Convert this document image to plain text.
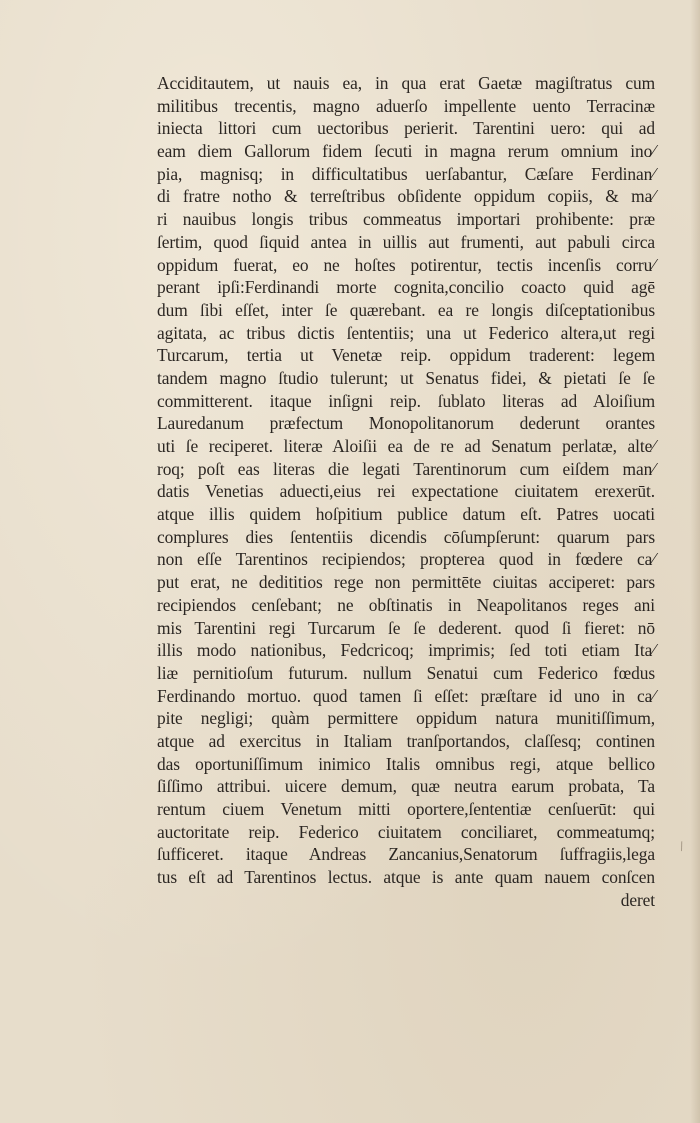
Acciditautem, ut nauis ea, in qua erat Gaetæ magiſtratus cum
militibus trecentis, magno aduerſo impellente uento Terracinæ
iniecta littori cum uectoribus perierit. Tarentini uero: qui ad
eam diem Gallorum fidem ſecuti in magna rerum omnium ino⁄
pia, magnisq; in difficultatibus uerſabantur, Cæſare Ferdinan⁄
di fratre notho & terreſtribus obſidente oppidum copiis, & ma⁄
ri nauibus longis tribus commeatus importari prohibente: præ
ſertim, quod ſiquid antea in uillis aut frumenti, aut pabuli circa
oppidum fuerat, eo ne hoſtes potirentur, tectis incenſis corru⁄
perant ipſi:Ferdinandi morte cognita,concilio coacto quid agē
dum ſibi eſſet, inter ſe quærebant. ea re longis diſceptationibus
agitata, ac tribus dictis ſententiis; una ut Federico altera,ut regi
Turcarum, tertia ut Venetæ reip. oppidum traderent: legem
tandem magno ſtudio tulerunt; ut Senatus fidei, & pietati ſe ſe
committerent. itaque inſigni reip. ſublato literas ad Aloiſium
Lauredanum præfectum Monopolitanorum dederunt orantes
uti ſe reciperet. literæ Aloiſii ea de re ad Senatum perlatæ, alte⁄
roq; poſt eas literas die legati Tarentinorum cum eiſdem man⁄
datis Venetias aduecti,eius rei expectatione ciuitatem erexerūt.
atque illis quidem hoſpitium publice datum eſt. Patres uocati
complures dies ſententiis dicendis cōſumpſerunt: quarum pars
non eſſe Tarentinos recipiendos; propterea quod in fœdere ca⁄
put erat, ne dedititios rege non permittēte ciuitas acciperet: pars
recipiendos cenſebant; ne obſtinatis in Neapolitanos reges ani
mis Tarentini regi Turcarum ſe ſe dederent. quod ſi fieret: nō
illis modo nationibus, Fedcricoq; imprimis; ſed toti etiam Ita⁄
liæ pernitioſum futurum. nullum Senatui cum Federico fœdus
Ferdinando mortuo. quod tamen ſi eſſet: præſtare id uno in ca⁄
pite negligi; quàm permittere oppidum natura munitiſſimum,
atque ad exercitus in Italiam tranſportandos, claſſesq; continen
das oportuniſſimum inimico Italis omnibus regi, atque bellico
ſiſſimo attribui. uicere demum, quæ neutra earum probata, Ta
rentum ciuem Venetum mitti oportere,ſententiæ cenſuerūt: qui
auctoritate reip. Federico ciuitatem conciliaret, commeatumq;
ſufficeret. itaque Andreas Zancanius,Senatorum ſuffragiis,lega
tus eſt ad Tarentinos lectus. atque is ante quam nauem conſcen
deret
⁄
